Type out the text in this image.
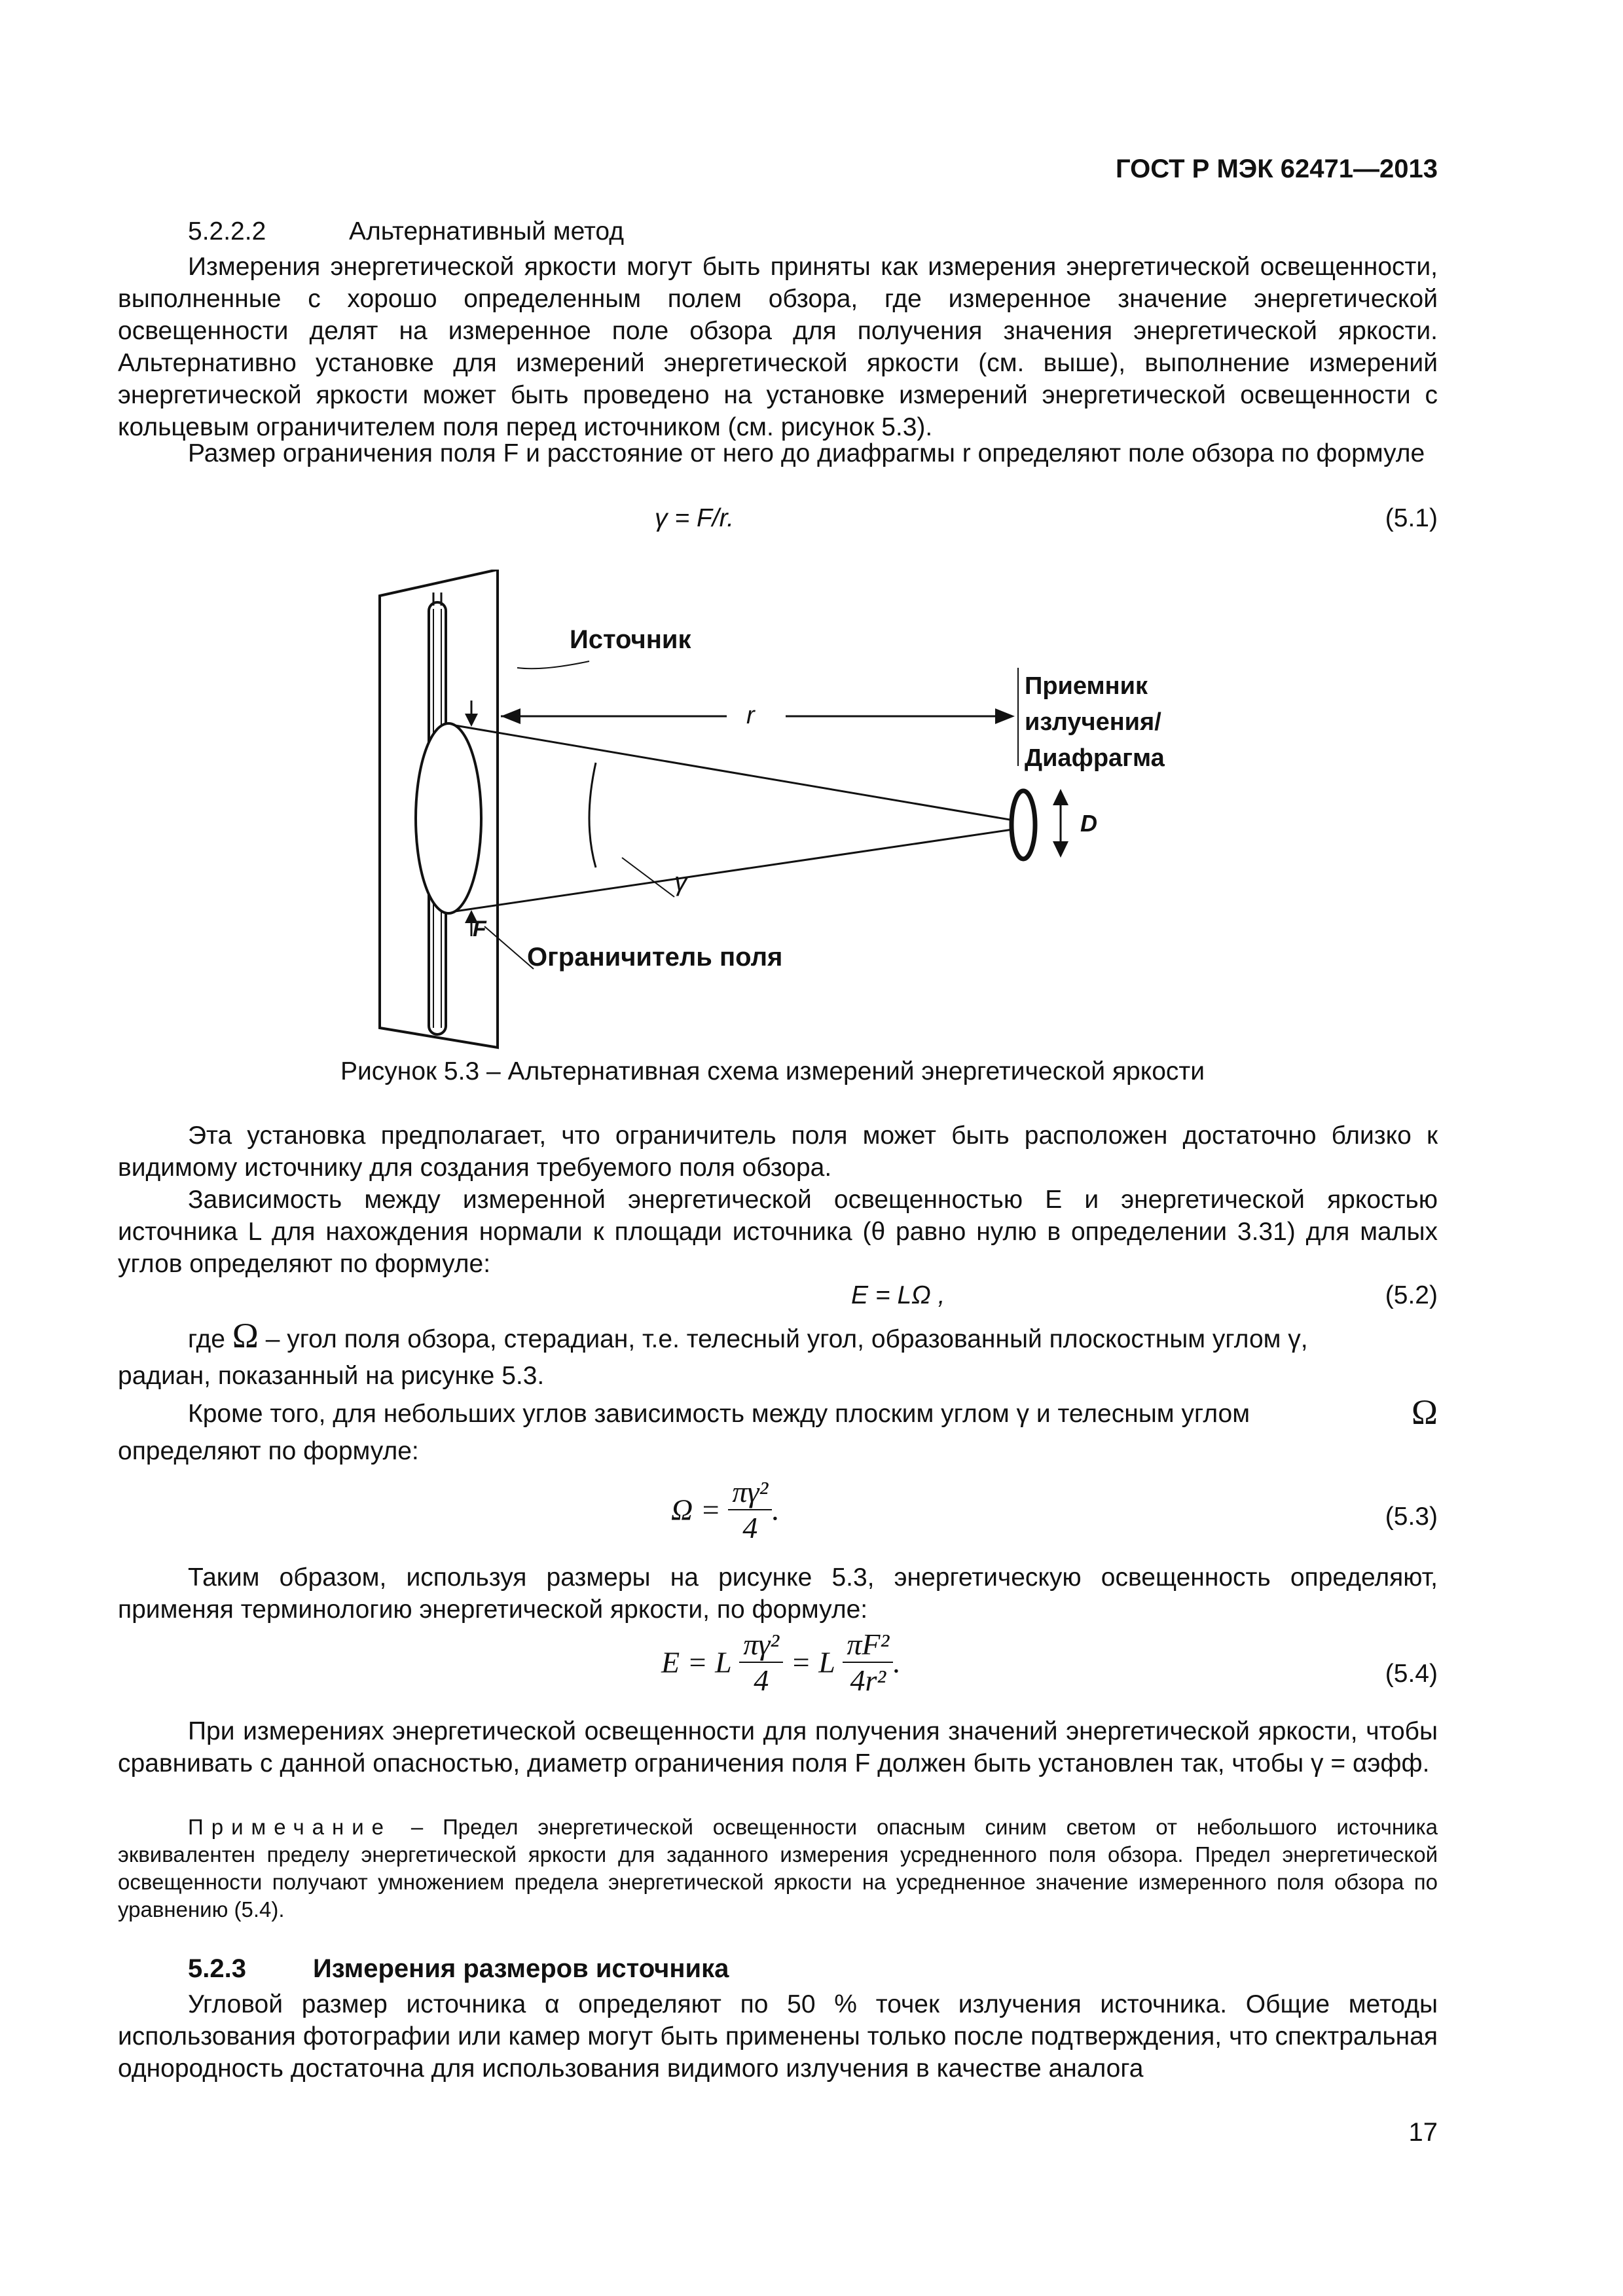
ГОСТ Р МЭК 62471—2013
5.2.2.2	Альтернативный метод
Измерения энергетической яркости могут быть приняты как измерения энергетической освещенности, выполненные с хорошо определенным полем обзора, где измеренное значение энергетической освещенности делят на измеренное поле обзора для получения значения энергетической яркости. Альтернативно установке для измерений энергетической яркости (см. выше), выполнение измерений энергетической яркости может быть проведено на установке измерений энергетической освещенности с кольцевым ограничителем поля перед источником (см. рисунок 5.3).
Размер ограничения поля F и расстояние от него до диафрагмы r определяют поле обзора по формуле
γ = F/r.	(5.1)
Источник
r
Приемник
излучения/
Диафрагма
D
γ
F
Ограничитель поля
Рисунок 5.3 – Альтернативная схема измерений энергетической яркости
Эта установка предполагает, что ограничитель поля может быть расположен достаточно близко к видимому источнику для создания требуемого поля обзора.
Зависимость между измеренной энергетической освещенностью E и энергетической яркостью источника L для нахождения нормали к площади источника (θ равно нулю в определении 3.31) для малых углов определяют по формуле:
E = LΩ ,	(5.2)
где Ω – угол поля обзора, стерадиан, т.е. телесный угол, образованный плоскостным углом γ,
радиан, показанный на рисунке 5.3.
Кроме того, для небольших углов зависимость между плоским углом γ и телесным углом	Ω
определяют по формуле:
$\Omega = \frac{\text{πγ²}}{4}$ .	(5.3)
Таким образом, используя размеры на рисунке 5.3, энергетическую освещенность определяют, применяя терминологию энергетической яркости, по формуле:
E = L $\frac{\text{πγ²}}{4} = L \frac{\text{πF²}}{\text{4r²}}$ .	(5.4)
При измерениях энергетической освещенности для получения значений энергетической яркости, чтобы сравнивать с данной опасностью, диаметр ограничения поля F должен быть установлен так, чтобы γ = αэфф.
Примечание – Предел энергетической освещенности опасным синим светом от небольшого источника эквивалентен пределу энергетической яркости для заданного измерения усредненного поля обзора. Предел энергетической освещенности получают умножением предела энергетической яркости на усредненное значение измеренного поля обзора по уравнению (5.4).
5.2.3	Измерения размеров источника
Угловой размер источника α определяют по 50 % точек излучения источника. Общие методы использования фотографии или камер могут быть применены только после подтверждения, что спектральная однородность достаточна для использования видимого излучения в качестве аналога
17
